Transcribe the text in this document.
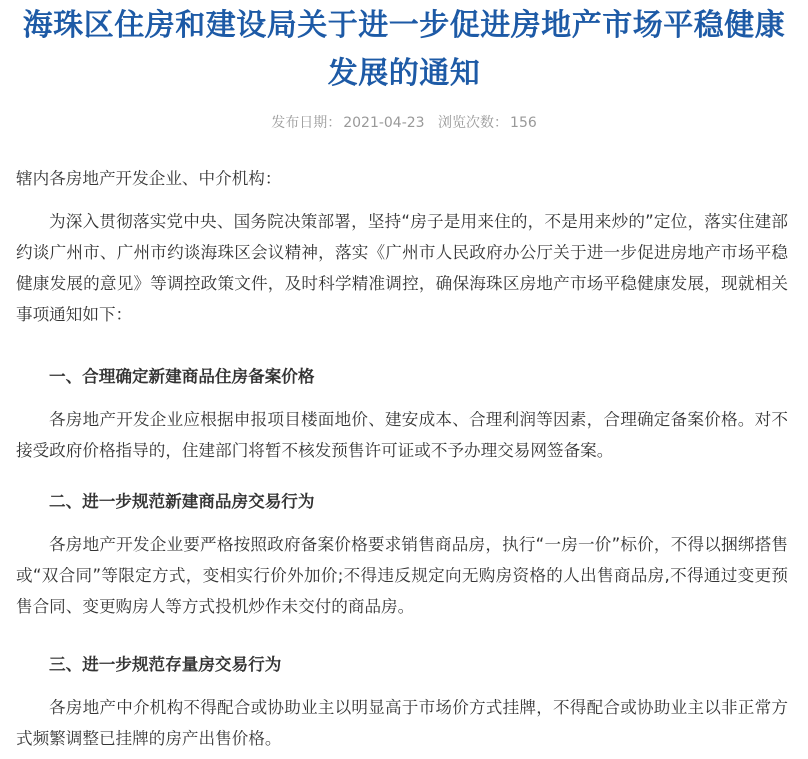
海珠区住房和建设局关于进一步促进房地产市场平稳健康发展的通知
发布日期： 2021-04-23 浏览次数： 156

辖内各房地产开发企业、中介机构：

为深入贯彻落实党中央、国务院决策部署，坚持“房子是用来住的，不是用来炒的”定位，落实住建部约谈广州市、广州市约谈海珠区会议精神，落实《广州市人民政府办公厅关于进一步促进房地产市场平稳健康发展的意见》等调控政策文件，及时科学精准调控，确保海珠区房地产市场平稳健康发展，现就相关事项通知如下：

一、合理确定新建商品住房备案价格

各房地产开发企业应根据申报项目楼面地价、建安成本、合理利润等因素，合理确定备案价格。对不接受政府价格指导的，住建部门将暂不核发预售许可证或不予办理交易网签备案。

二、进一步规范新建商品房交易行为

各房地产开发企业要严格按照政府备案价格要求销售商品房，执行“一房一价”标价，不得以捆绑搭售或“双合同”等限定方式，变相实行价外加价;不得违反规定向无购房资格的人出售商品房,不得通过变更预售合同、变更购房人等方式投机炒作未交付的商品房。

三、进一步规范存量房交易行为

各房地产中介机构不得配合或协助业主以明显高于市场价方式挂牌，不得配合或协助业主以非正常方式频繁调整已挂牌的房产出售价格。
